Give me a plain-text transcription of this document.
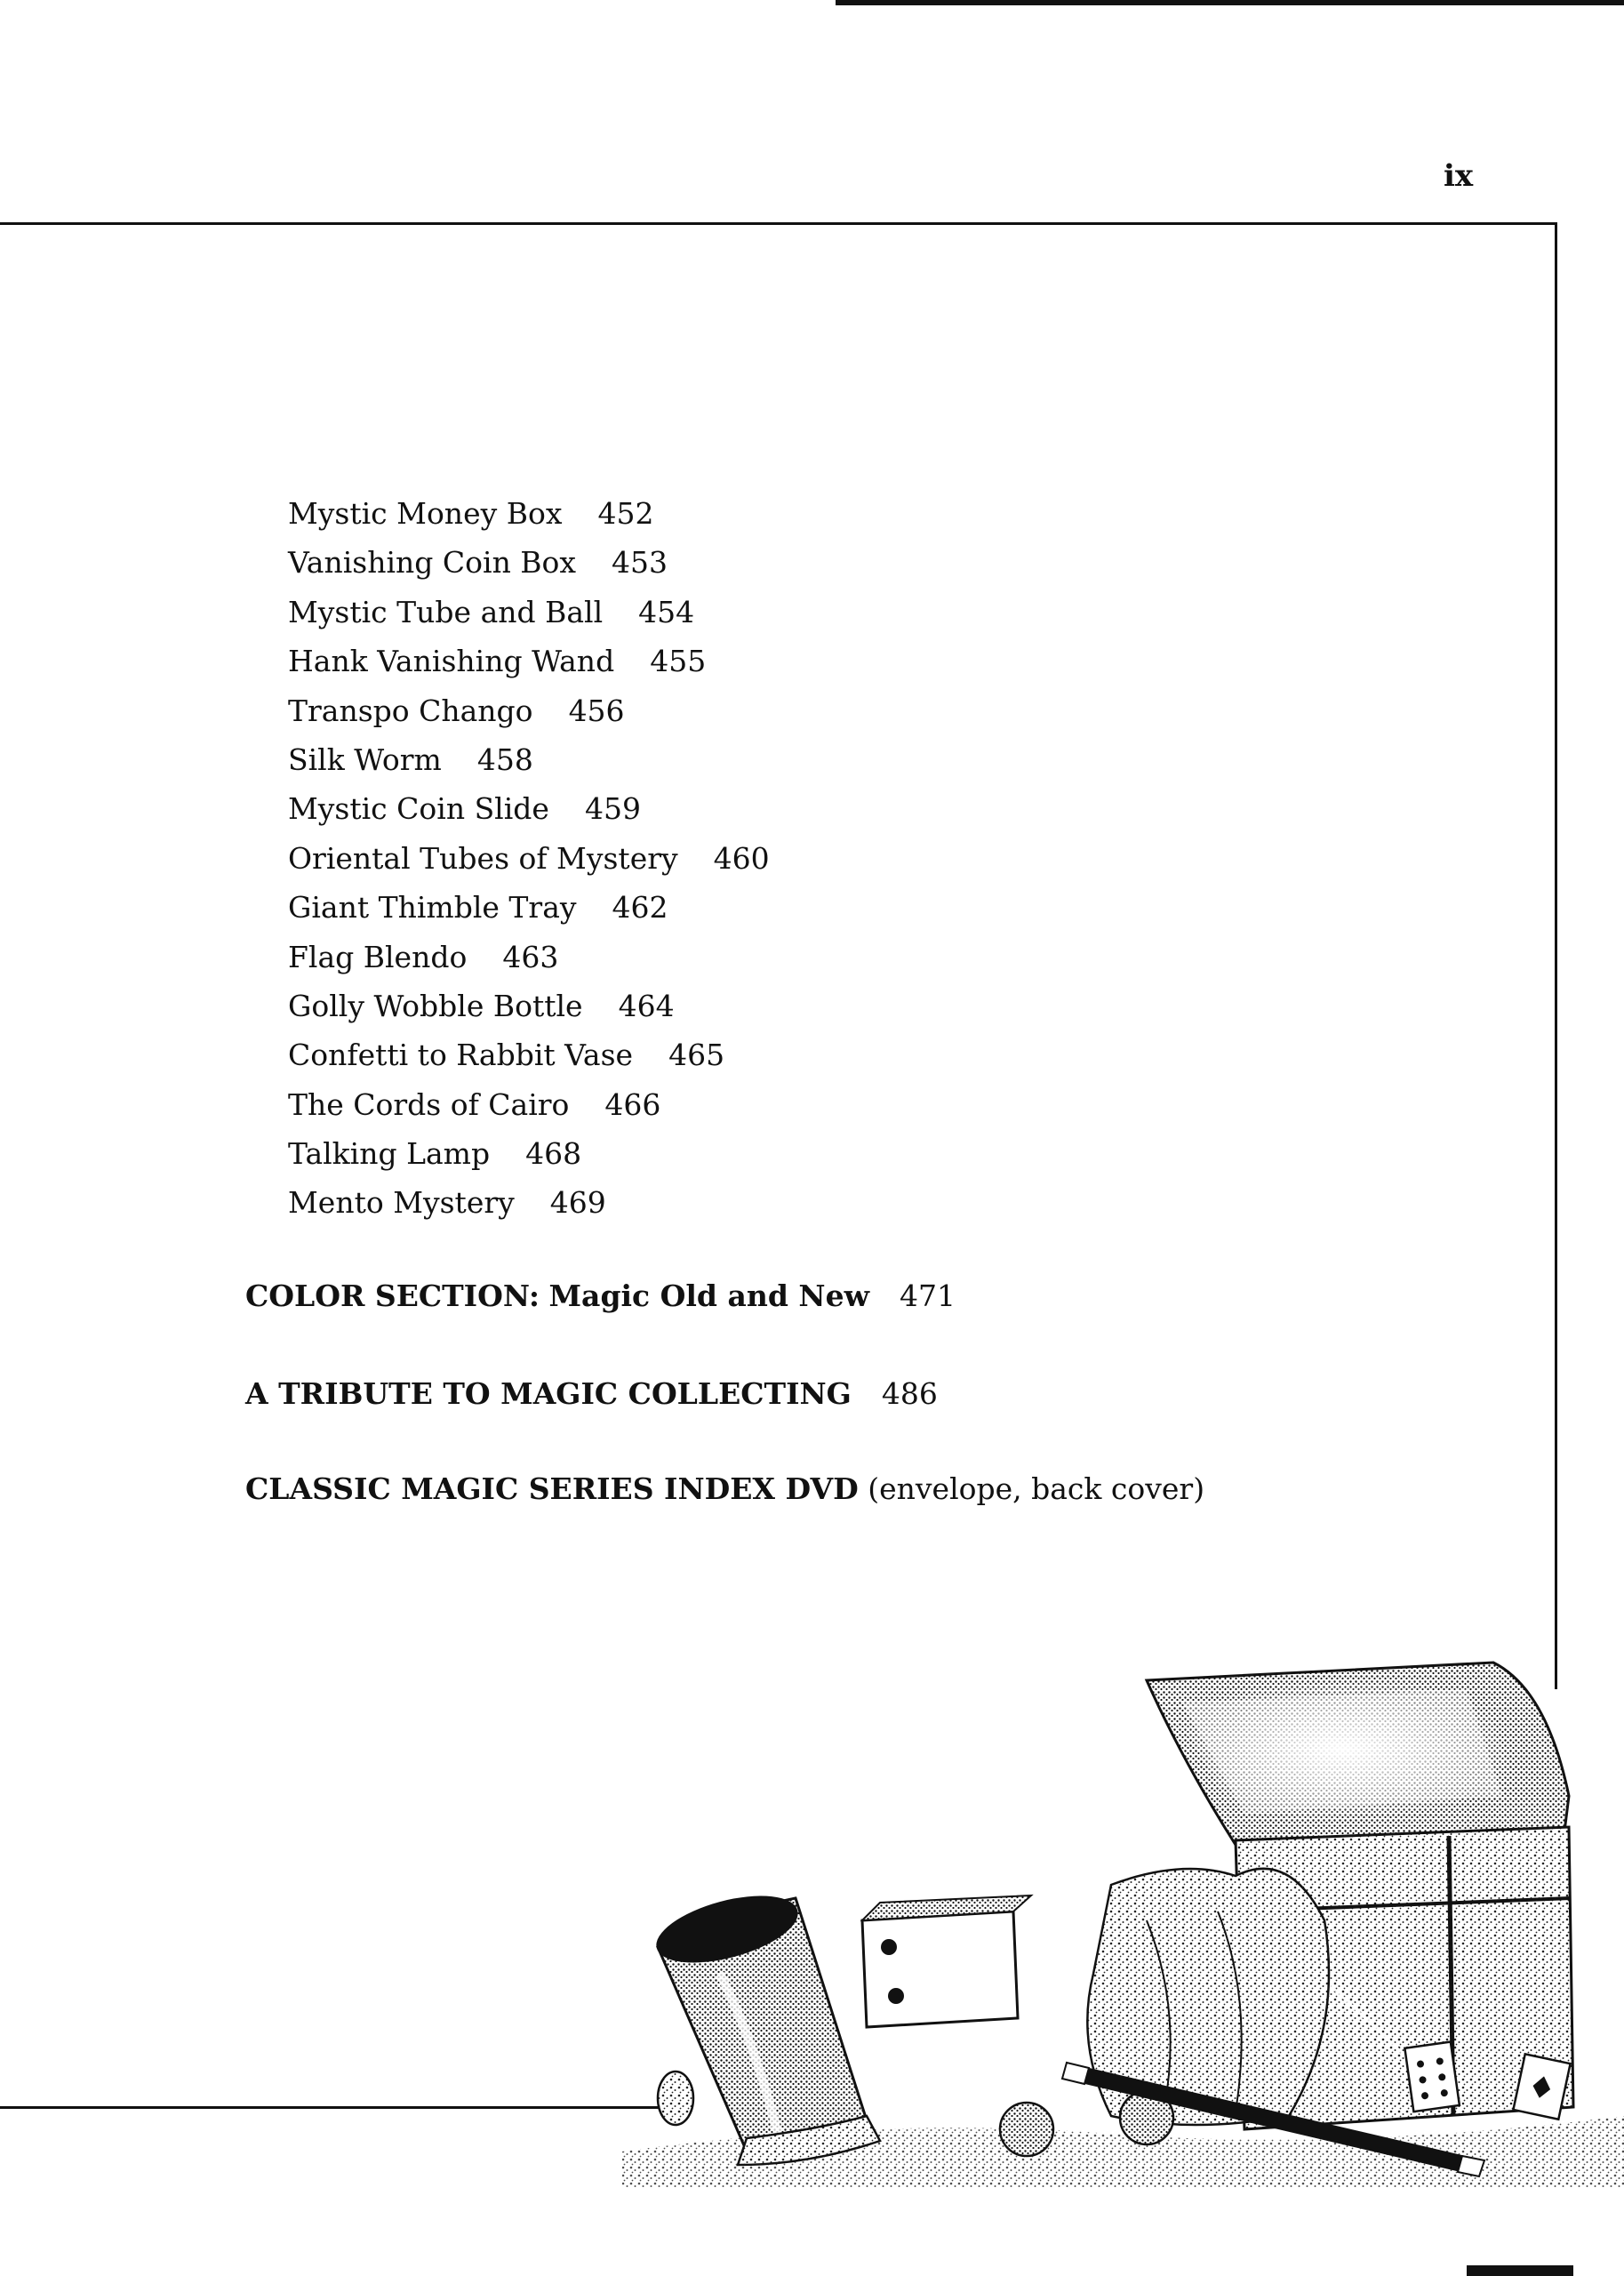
ix
Mystic Money Box 452
Vanishing Coin Box 453
Mystic Tube and Ball 454
Hank Vanishing Wand 455
Transpo Chango 456
Silk Worm 458
Mystic Coin Slide 459
Oriental Tubes of Mystery 460
Giant Thimble Tray 462
Flag Blendo 463
Golly Wobble Bottle 464
Confetti to Rabbit Vase 465
The Cords of Cairo 466
Talking Lamp 468
Mento Mystery 469
COLOR SECTION: Magic Old and New 471
A TRIBUTE TO MAGIC COLLECTING 486
CLASSIC MAGIC SERIES INDEX DVD (envelope, back cover)
